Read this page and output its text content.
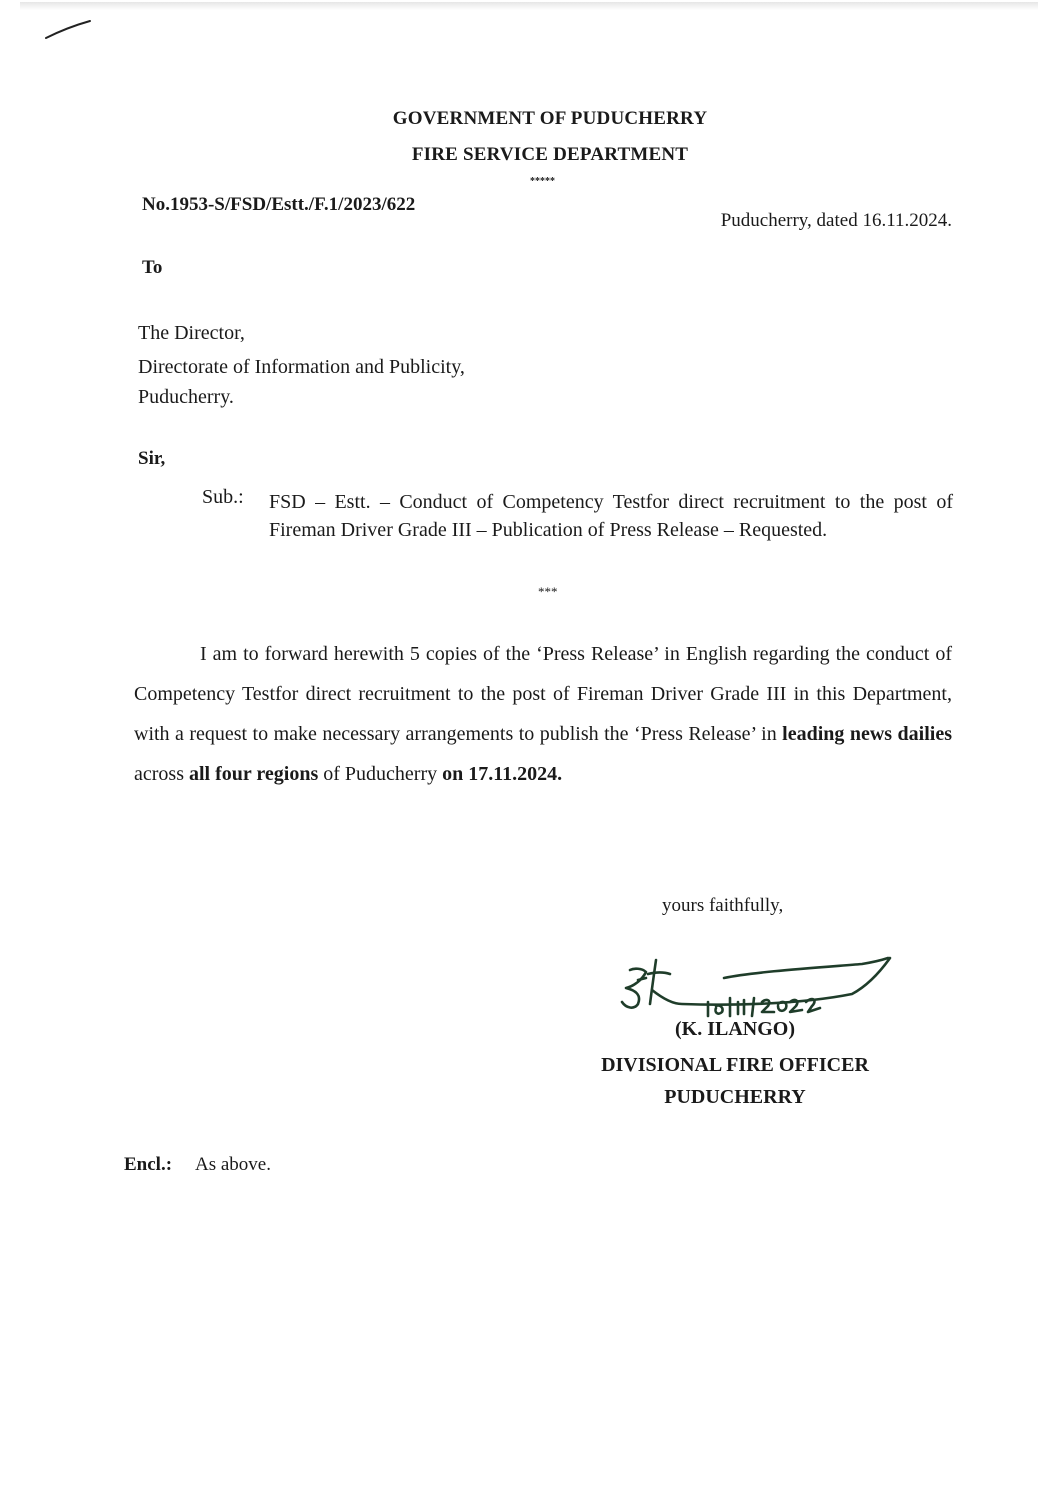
GOVERNMENT OF PUDUCHERRY
FIRE SERVICE DEPARTMENT
*****
No.1953-S/FSD/Estt./F.1/2023/622
Puducherry, dated 16.11.2024.
To
The Director,
Directorate of Information and Publicity,
Puducherry.
Sir,
Sub.: FSD – Estt. – Conduct of Competency Testfor direct recruitment to the post of Fireman Driver Grade III – Publication of Press Release – Requested.
***
I am to forward herewith 5 copies of the ‘Press Release’ in English regarding the conduct of Competency Testfor direct recruitment to the post of Fireman Driver Grade III in this Department, with a request to make necessary arrangements to publish the ‘Press Release’ in leading news dailies across all four regions of Puducherry on 17.11.2024.
yours faithfully,
(K. ILANGO)
DIVISIONAL FIRE OFFICER
PUDUCHERRY
Encl.: As above.
